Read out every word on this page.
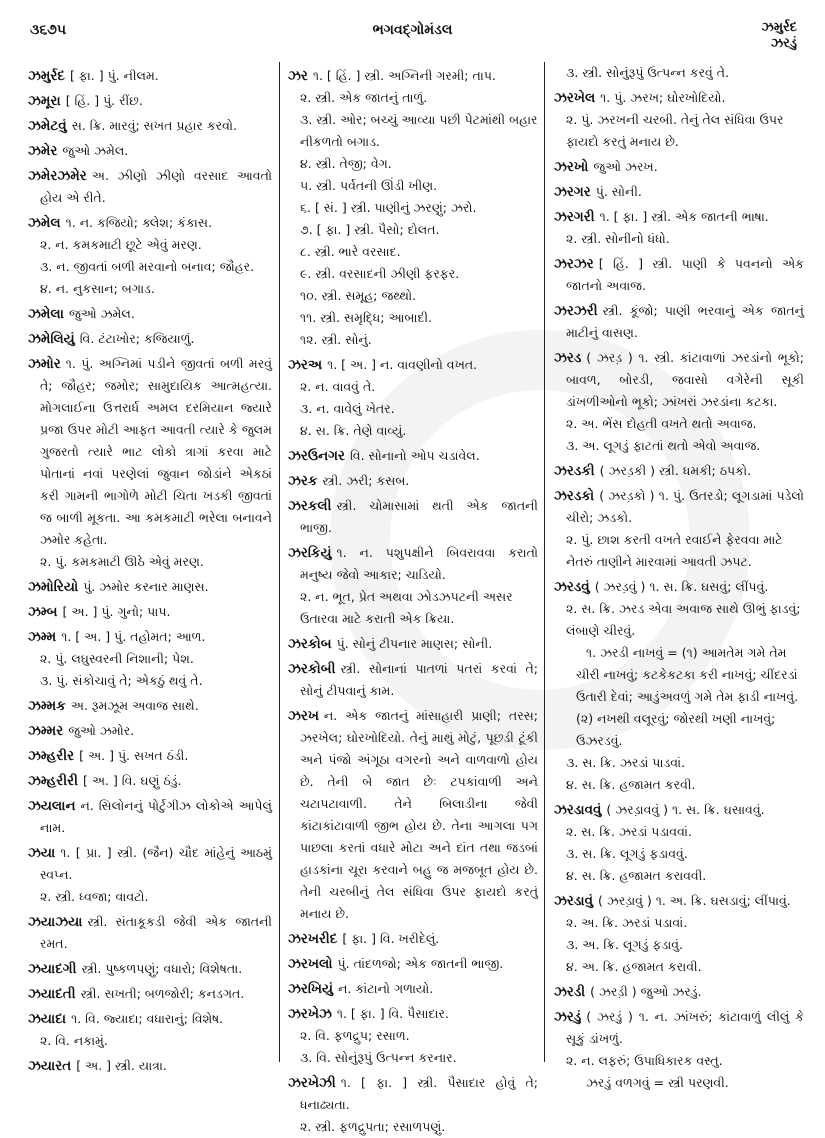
૩૬૭૫	ભગવદ્ગોમંડલ	ઝમુર્રદ
ઝરડું
ઝમુર્રદ [ ફા. ] પું. નીલમ.
ઝમૂરા [ હિં. ] પું. રીંછ.
ઝમેટવું સ. ક્રિ. મારવું; સખત પ્રહાર કરવો.
ઝમેર જુઓ ઝમેલ.
ઝમેરઝમેર અ. ઝીણો ઝીણો વરસાદ આવતો હોય એ રીતે.
ઝમેલ ૧. ન. કજિયો; ક્લેશ; કંકાસ.
૨. ન. કમકમાટી છૂટે એવું મરણ.
૩. ન. જીવતાં બળી મરવાનો બનાવ; જૌહર.
૪. ન. નુકસાન; બગાડ.
ઝમેલા જુઓ ઝમેલ.
ઝમેલિયું વિ. ટંટાખોર; કજિયાળું.
ઝમોર ૧. પું. અગ્નિમાં પડીને જીવતાં બળી મરવું તે; જૌહર; જમોર; સામુદાયિક આત્મહત્યા. મોગલાઈના ઉત્તરાર્ધ અમલ દરમિયાન જ્યારે પ્રજા ઉપર મોટી આફત આવતી ત્યારે કે જુલમ ગુજરતો ત્યારે ભાટ લોકો ત્રાગાં કરવા માટે પોતાનાં નવાં પરણેલાં જુવાન જોડાંને એકઠાં કરી ગામની ભાગોળે મોટી ચિતા ખડકી જીવતાં જ બાળી મૂકતા. આ કમકમાટી ભરેલા બનાવને ઝમોર કહેતા.
૨. પું. કમકમાટી ઊઠે એવું મરણ.
ઝમોરિયો પું. ઝમોર કરનાર માણસ.
ઝમ્બ [ અ. ] પું. ગુનો; પાપ.
ઝમ્મ ૧. [ અ. ] પું. તહોમત; આળ.
૨. પું. લઘુસ્વરની નિશાની; પેશ.
૩. પું. સંકોચાવું તે; એકઠું થવું તે.
ઝમ્મક અ. રૂમઝૂમ અવાજ સાથે.
ઝમ્મર જુઓ ઝમોર.
ઝમ્હરીર [ અ. ] પું. સખત ઠંડી.
ઝમ્હરીરી [ અ. ] વિ. ઘણું ઠંડું.
ઝયલાન ન. સિલોનનું પોર્ટુગીઝ લોકોએ આપેલું નામ.
ઝયા ૧. [ પ્રા. ] સ્ત્રી. (જૈન) ચૌદ માંહેનું આઠમું સ્વપ્ન.
૨. સ્ત્રી. ધ્વજા; વાવટો.
ઝયાઝયા સ્ત્રી. સંતાકૂકડી જેવી એક જાતની રમત.
ઝયાદગી સ્ત્રી. પુષ્કળપણું; વધારો; વિશેષતા.
ઝયાદતી સ્ત્રી. સખતી; બળજોરી; કનડગત.
ઝયાદા ૧. વિ. જ્યાદા; વધારાનું; વિશેષ.
૨. વિ. નકામું.
ઝયારત [ અ. ] સ્ત્રી. યાત્રા.
ઝર ૧. [ હિં. ] સ્ત્રી. અગ્નિની ગરમી; તાપ.
૨. સ્ત્રી. એક જાતનું તાળું.
૩. સ્ત્રી. ઓર; બચ્ચું આવ્યા પછી પેટમાંથી બહાર નીકળતો બગાડ.
૪. સ્ત્રી. તેજી; વેગ.
૫. સ્ત્રી. પર્વતની ઊંડી ખીણ.
૬. [ સં. ] સ્ત્રી. પાણીનું ઝરણું; ઝરો.
૭. [ ફા. ] સ્ત્રી. પૈસો; દોલત.
૮. સ્ત્રી. ભારે વરસાદ.
૯. સ્ત્રી. વરસાદની ઝીણી ફરફર.
૧૦. સ્ત્રી. સમૂહ; જથ્થો.
૧૧. સ્ત્રી. સમૃદ્ધિ; આબાદી.
૧૨. સ્ત્રી. સોનું.
ઝરઅ ૧. [ અ. ] ન. વાવણીનો વખત.
૨. ન. વાવવું તે.
૩. ન. વાવેલું ખેતર.
૪. સ. ક્રિ. તેણે વાવ્યું.
ઝરઉનગર વિ. સોનાનો ઓપ ચડાવેલ.
ઝરક સ્ત્રી. ઝરી; કસબ.
ઝરકલી સ્ત્રી. ચોમાસામાં થતી એક જાતની ભાજી.
ઝરકિયું ૧. ન. પશુપક્ષીને બિવરાવવા કરાતો મનુષ્ય જેવો આકાર; ચાડિયો.
૨. ન. ભૂત, પ્રેત અથવા ઝોડઝપટની અસર ઉતારવા માટે કરાતી એક ક્રિયા.
ઝરકોબ પું. સોનું ટીપનાર માણસ; સોની.
ઝરકોબી સ્ત્રી. સોનાનાં પાતળાં પતરાં કરવાં તે; સોનું ટીપવાનું કામ.
ઝરખ ન. એક જાતનું માંસાહારી પ્રાણી; તરસ; ઝરખેલ; ઘોરખોદિયો. તેનું માથું મોટું, પૂછડી ટૂંકી અને પંજો અંગૂઠા વગરનો અને વાળવાળો હોય છે. તેની બે જાત છેઃ ટપકાંવાળી અને ચટાપટાવાળી. તેને બિલાડીના જેવી કાંટાકાંટાવાળી જીભ હોય છે. તેના આગલા પગ પાછલા કરતાં વધારે મોટા અને દાંત તથા જડબાં હાડકાંના ચૂરા કરવાને બહુ જ મજબૂત હોય છે. તેની ચરબીનું તેલ સંધિવા ઉપર ફાયદો કરતું મનાય છે.
ઝરખરીદ [ ફા. ] વિ. ખરીદેલું.
ઝરખલો પું. તાંદળજો; એક જાતની ભાજી.
ઝરખિયું ન. કાંટાનો ગળાયો.
ઝરખેઝ ૧. [ ફા. ] વિ. પૈસાદાર.
૨. વિ. ફળદ્રુપ; રસાળ.
૩. વિ. સોનુંરૂપું ઉત્પન્ન કરનાર.
ઝરખેઝી ૧. [ ફા. ] સ્ત્રી. પૈસાદાર હોવું તે; ધનાઢ્યતા.
૨. સ્ત્રી. ફળદ્રુપતા; રસાળપણું.
૩. સ્ત્રી. સોનુંરૂપું ઉત્પન્ન કરવું તે.
ઝરખેલ ૧. પું. ઝરખ; ઘોરખોદિયો.
૨. પું. ઝરખની ચરબી. તેનું તેલ સંધિવા ઉપર ફાયદો કરતું મનાય છે.
ઝરખો જુઓ ઝરખ.
ઝરગર પું. સોની.
ઝરગરી ૧. [ ફા. ] સ્ત્રી. એક જાતની ભાષા.
૨. સ્ત્રી. સોનીનો ધંધો.
ઝરઝર [ હિં. ] સ્ત્રી. પાણી કે પવનનો એક જાતનો અવાજ.
ઝરઝરી સ્ત્રી. કૂંજો; પાણી ભરવાનું એક જાતનું માટીનું વાસણ.
ઝરડ ( ઝરડ઼ ) ૧. સ્ત્રી. કાંટાવાળાં ઝરડાંનો ભૂકો; બાવળ, બોરડી, જવાસો વગેરેની સૂકી ડાંખળીઓનો ભૂકો; ઝાંખરાં ઝરડાંના કટકા.
૨. અ. ભેંસ દોહતી વખતે થતો અવાજ.
૩. અ. લૂગડું ફાટતાં થતો એવો અવાજ.
ઝરડકી ( ઝરડ઼કી ) સ્ત્રી. ધમકી; ઠપકો.
ઝરડકો ( ઝરડ઼કો ) ૧. પું. ઉતરડો; લૂગડામાં પડેલો ચીરો; ઝડકો.
૨. પું. છાશ કરતી વખતે રવાઈને ફેરવવા માટે નેતરું તાણીને મારવામાં આવતી ઝપટ.
ઝરડવું ( ઝરડ઼વું ) ૧. સ. ક્રિ. ઘસવું; લીંપવું.
૨. સ. ક્રિ. ઝરડ એવા અવાજ સાથે ઊભું ફાડવું; લંબાણે ચીરવું.
૧. ઝરડી નાખવું = (૧) આમતેમ ગમે તેમ ચીરી નાખવું; કટકેકટકા કરી નાખવું; ચીંદરડાં ઉતારી દેવાં; આડુંઅવળું ગમે તેમ ફાડી નાખવું. (૨) નખથી વલૂરવું; જોરથી ખણી નાખવું; ઉઝરડવું.
૩. સ. ક્રિ. ઝરડાં પાડવાં.
૪. સ. ક્રિ. હજામત કરવી.
ઝરડાવવું ( ઝરડ઼ાવવું ) ૧. સ. ક્રિ. ઘસાવવું.
૨. સ. ક્રિ. ઝરડાં પડાવવાં.
૩. સ. ક્રિ. લૂગડું ફડાવવું.
૪. સ. ક્રિ. હજામત કરાવવી.
ઝરડાવું ( ઝરડ઼ાવું ) ૧. અ. ક્રિ. ઘસડાવું; લીંપાવું.
૨. અ. ક્રિ. ઝરડાં પડાવાં.
૩. અ. ક્રિ. લૂગડું ફડાવું.
૪. અ. ક્રિ. હજામત કરાવી.
ઝરડી ( ઝરડ઼ી ) જુઓ ઝરડું.
ઝરડું ( ઝરડ઼ું ) ૧. ન. ઝાંખરું; કાંટાવાળું લીલું કે સૂકું ડાંખળું.
૨. ન. લફરું; ઉપાધિકારક વસ્તુ.
ઝરડું વળગવું = સ્ત્રી પરણવી.
